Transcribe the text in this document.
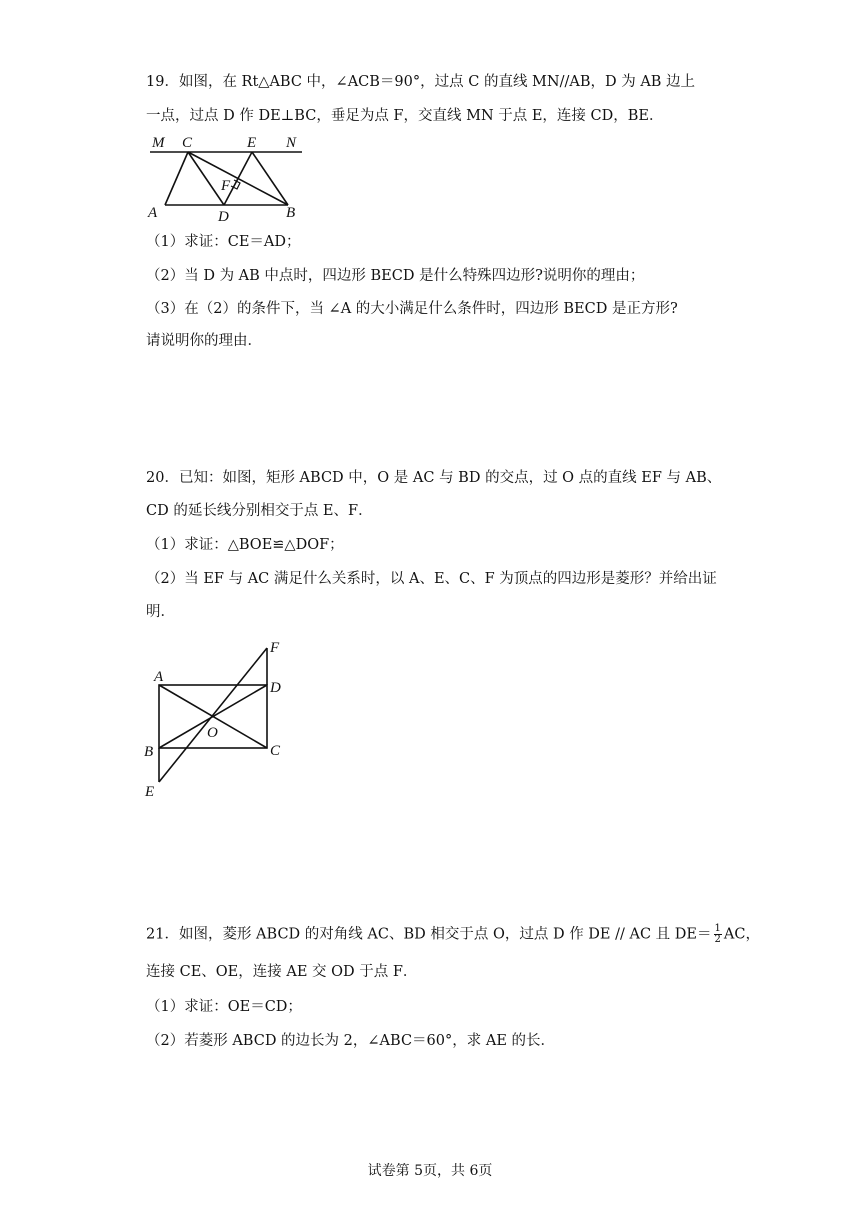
19．如图，在 Rt△ABC 中，∠ACB＝90°，过点 C 的直线 MN//AB，D 为 AB 边上
一点，过点 D 作 DE⊥BC，垂足为点 F，交直线 MN 于点 E，连接 CD，BE．
M C	E N
F
A	D	B
（1）求证：CE＝AD；
（2）当 D 为 AB 中点时，四边形 BECD 是什么特殊四边形?说明你的理由；
（3）在（2）的条件下，当 ∠A 的大小满足什么条件时，四边形 BECD 是正方形?
请说明你的理由．
20．已知：如图，矩形 ABCD 中，O 是 AC 与 BD 的交点，过 O 点的直线 EF 与 AB、
CD 的延长线分别相交于点 E、F．
（1）求证：△BOE≌△DOF；
（2）当 EF 与 AC 满足什么关系时，以 A、E、C、F 为顶点的四边形是菱形？并给出证
明．
F
A
D
O
B	C
E
21．如图，菱形 ABCD 的对角线 AC、BD 相交于点 O，过点 D 作 DE // AC 且 $DE= \frac{1}{2}$ AC，
连接 CE、OE，连接 AE 交 OD 于点 F．
（1）求证：OE＝CD；
（2）若菱形 ABCD 的边长为 2，∠ABC＝60°，求 AE 的长．
试卷第 5页，共 6页
